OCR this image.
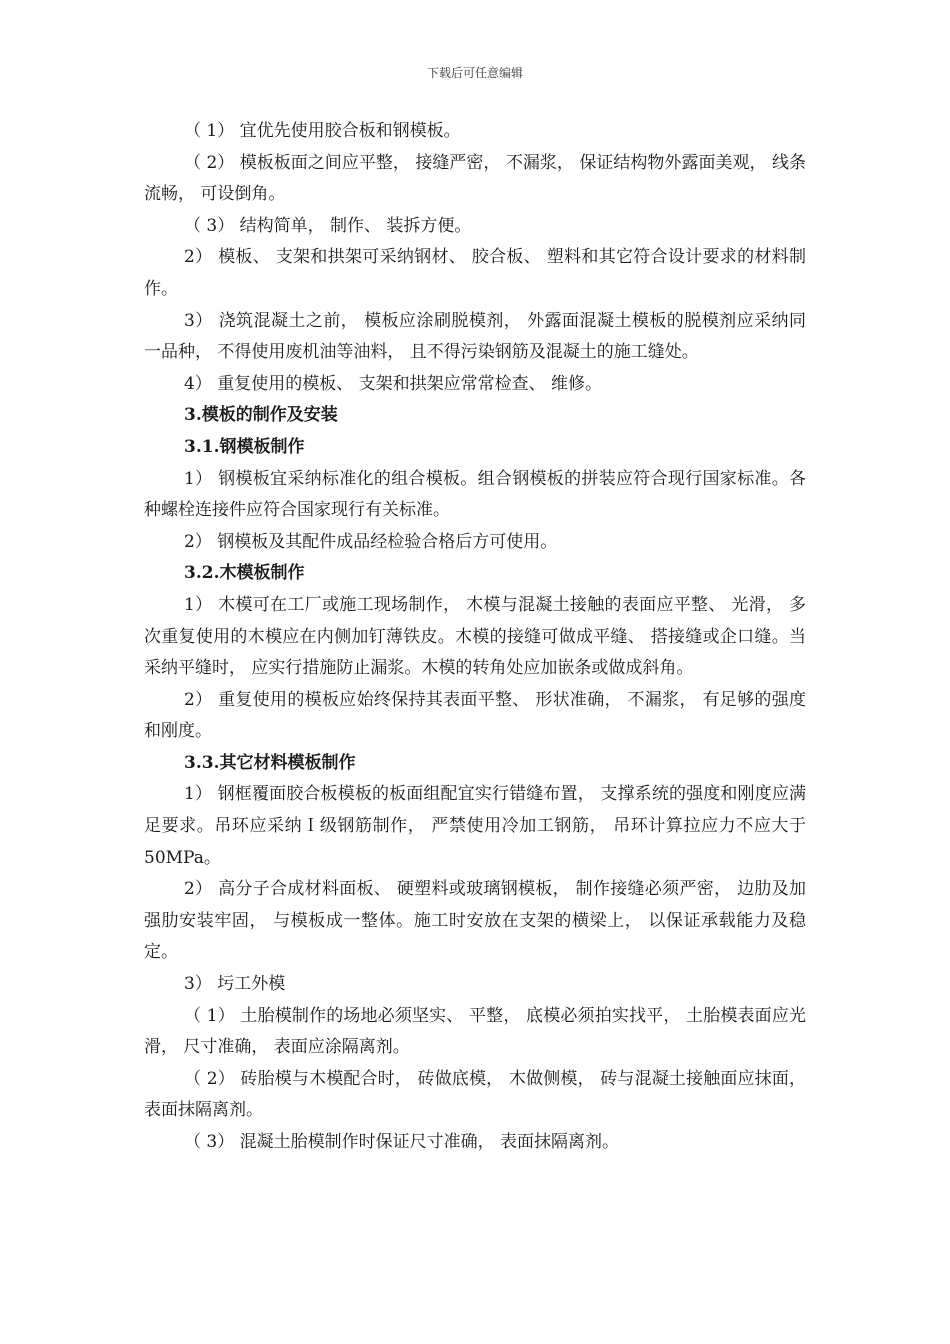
下载后可任意编辑

（ 1） 宜优先使用胶合板和钢模板。

（ 2） 模板板面之间应平整， 接缝严密， 不漏浆， 保证结构物外露面美观， 线条流畅， 可设倒角。

（ 3） 结构简单， 制作、 装拆方便。

2） 模板、 支架和拱架可采纳钢材、 胶合板、 塑料和其它符合设计要求的材料制作。

3） 浇筑混凝土之前， 模板应涂刷脱模剂， 外露面混凝土模板的脱模剂应采纳同一品种， 不得使用废机油等油料， 且不得污染钢筋及混凝土的施工缝处。

4） 重复使用的模板、 支架和拱架应常常检查、 维修。

3.模板的制作及安装

3.1.钢模板制作

1） 钢模板宜采纳标准化的组合模板。组合钢模板的拼装应符合现行国家标准。各种螺栓连接件应符合国家现行有关标准。

2） 钢模板及其配件成品经检验合格后方可使用。

3.2.木模板制作

1） 木模可在工厂或施工现场制作， 木模与混凝土接触的表面应平整、 光滑， 多次重复使用的木模应在内侧加钉薄铁皮。木模的接缝可做成平缝、 搭接缝或企口缝。当采纳平缝时， 应实行措施防止漏浆。木模的转角处应加嵌条或做成斜角。

2） 重复使用的模板应始终保持其表面平整、 形状准确， 不漏浆， 有足够的强度和刚度。

3.3.其它材料模板制作

1） 钢框覆面胶合板模板的板面组配宜实行错缝布置， 支撑系统的强度和刚度应满足要求。吊环应采纳Ｉ级钢筋制作， 严禁使用冷加工钢筋， 吊环计算拉应力不应大于50MPa。

2） 高分子合成材料面板、 硬塑料或玻璃钢模板， 制作接缝必须严密， 边肋及加强肋安装牢固， 与模板成一整体。施工时安放在支架的横梁上， 以保证承载能力及稳定。

3） 圬工外模

（ 1） 土胎模制作的场地必须坚实、 平整， 底模必须拍实找平， 土胎模表面应光滑， 尺寸准确， 表面应涂隔离剂。

（ 2） 砖胎模与木模配合时， 砖做底模， 木做侧模， 砖与混凝土接触面应抹面， 表面抹隔离剂。

（ 3） 混凝土胎模制作时保证尺寸准确， 表面抹隔离剂。
